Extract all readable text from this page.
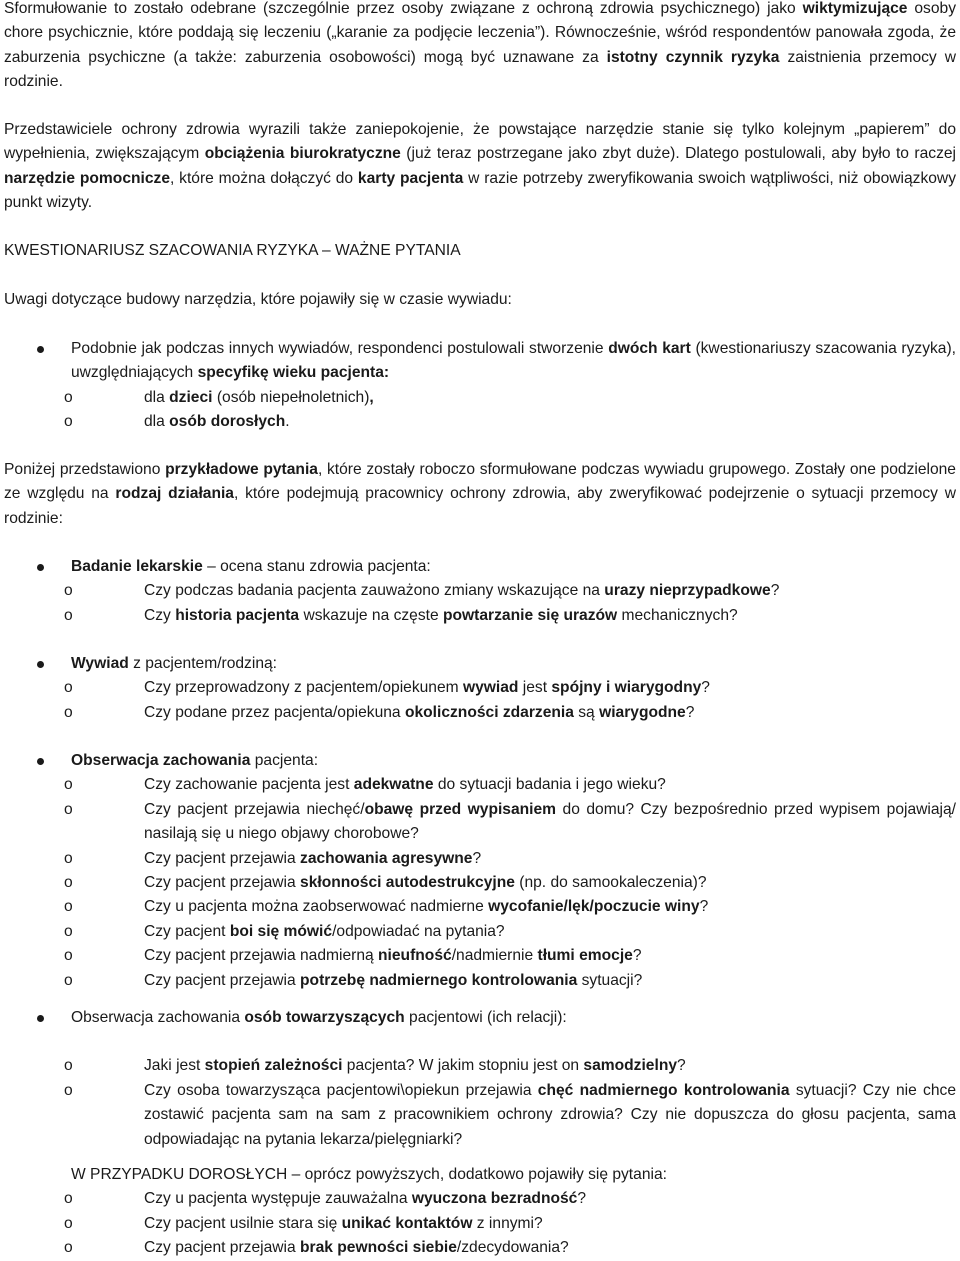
Sformułowanie to zostało odebrane (szczególnie przez osoby związane z ochroną zdrowia psychicznego) jako wiktymizujące osoby chore psychicznie, które poddają się leczeniu („karanie za podjęcie leczenia”). Równocześnie, wśród respondentów panowała zgoda, że zaburzenia psychiczne (a także: zaburzenia osobowości) mogą być uznawane za istotny czynnik ryzyka zaistnienia przemocy w rodzinie.

Przedstawiciele ochrony zdrowia wyrazili także zaniepokojenie, że powstające narzędzie stanie się tylko kolejnym „papierem” do wypełnienia, zwiększającym obciążenia biurokratyczne (już teraz postrzegane jako zbyt duże). Dlatego postulowali, aby było to raczej narzędzie pomocnicze, które można dołączyć do karty pacjenta w razie potrzeby zweryfikowania swoich wątpliwości, niż obowiązkowy punkt wizyty.

KWESTIONARIUSZ SZACOWANIA RYZYKA – WAŻNE PYTANIA

Uwagi dotyczące budowy narzędzia, które pojawiły się w czasie wywiadu:

Podobnie jak podczas innych wywiadów, respondenci postulowali stworzenie dwóch kart (kwestionariuszy szacowania ryzyka), uwzględniających specyfikę wieku pacjenta:
o	dla dzieci (osób niepełnoletnich),
o	dla osób dorosłych.

Poniżej przedstawiono przykładowe pytania, które zostały roboczo sformułowane podczas wywiadu grupowego. Zostały one podzielone ze względu na rodzaj działania, które podejmują pracownicy ochrony zdrowia, aby zweryfikować podejrzenie o sytuacji przemocy w rodzinie:

Badanie lekarskie – ocena stanu zdrowia pacjenta:
o	Czy podczas badania pacjenta zauważono zmiany wskazujące na urazy nieprzypadkowe?
o	Czy historia pacjenta wskazuje na częste powtarzanie się urazów mechanicznych?
Wywiad z pacjentem/rodziną:
o	Czy przeprowadzony z pacjentem/opiekunem wywiad jest spójny i wiarygodny?
o	Czy podane przez pacjenta/opiekuna okoliczności zdarzenia są wiarygodne?
Obserwacja zachowania pacjenta:
o	Czy zachowanie pacjenta jest adekwatne do sytuacji badania i jego wieku?
o	Czy pacjent przejawia niechęć/obawę przed wypisaniem do domu? Czy bezpośrednio przed wypisem pojawiają/ nasilają się u niego objawy chorobowe?
o	Czy pacjent przejawia zachowania agresywne?
o	Czy pacjent przejawia skłonności autodestrukcyjne (np. do samookaleczenia)?
o	Czy u pacjenta można zaobserwować nadmierne wycofanie/lęk/poczucie winy?
o	Czy pacjent boi się mówić/odpowiadać na pytania?
o	Czy pacjent przejawia nadmierną nieufność/nadmiernie tłumi emocje?
o	Czy pacjent przejawia potrzebę nadmiernego kontrolowania sytuacji?
Obserwacja zachowania osób towarzyszących pacjentowi (ich relacji):
o	Jaki jest stopień zależności pacjenta? W jakim stopniu jest on samodzielny?
o	Czy osoba towarzysząca pacjentowi\opiekun przejawia chęć nadmiernego kontrolowania sytuacji? Czy nie chce zostawić pacjenta sam na sam z pracownikiem ochrony zdrowia? Czy nie dopuszcza do głosu pacjenta, sama odpowiadając na pytania lekarza/pielęgniarki?
W PRZYPADKU DOROSŁYCH – oprócz powyższych, dodatkowo pojawiły się pytania:
o	Czy u pacjenta występuje zauważalna wyuczona bezradność?
o	Czy pacjent usilnie stara się unikać kontaktów z innymi?
o	Czy pacjent przejawia brak pewności siebie/zdecydowania?
